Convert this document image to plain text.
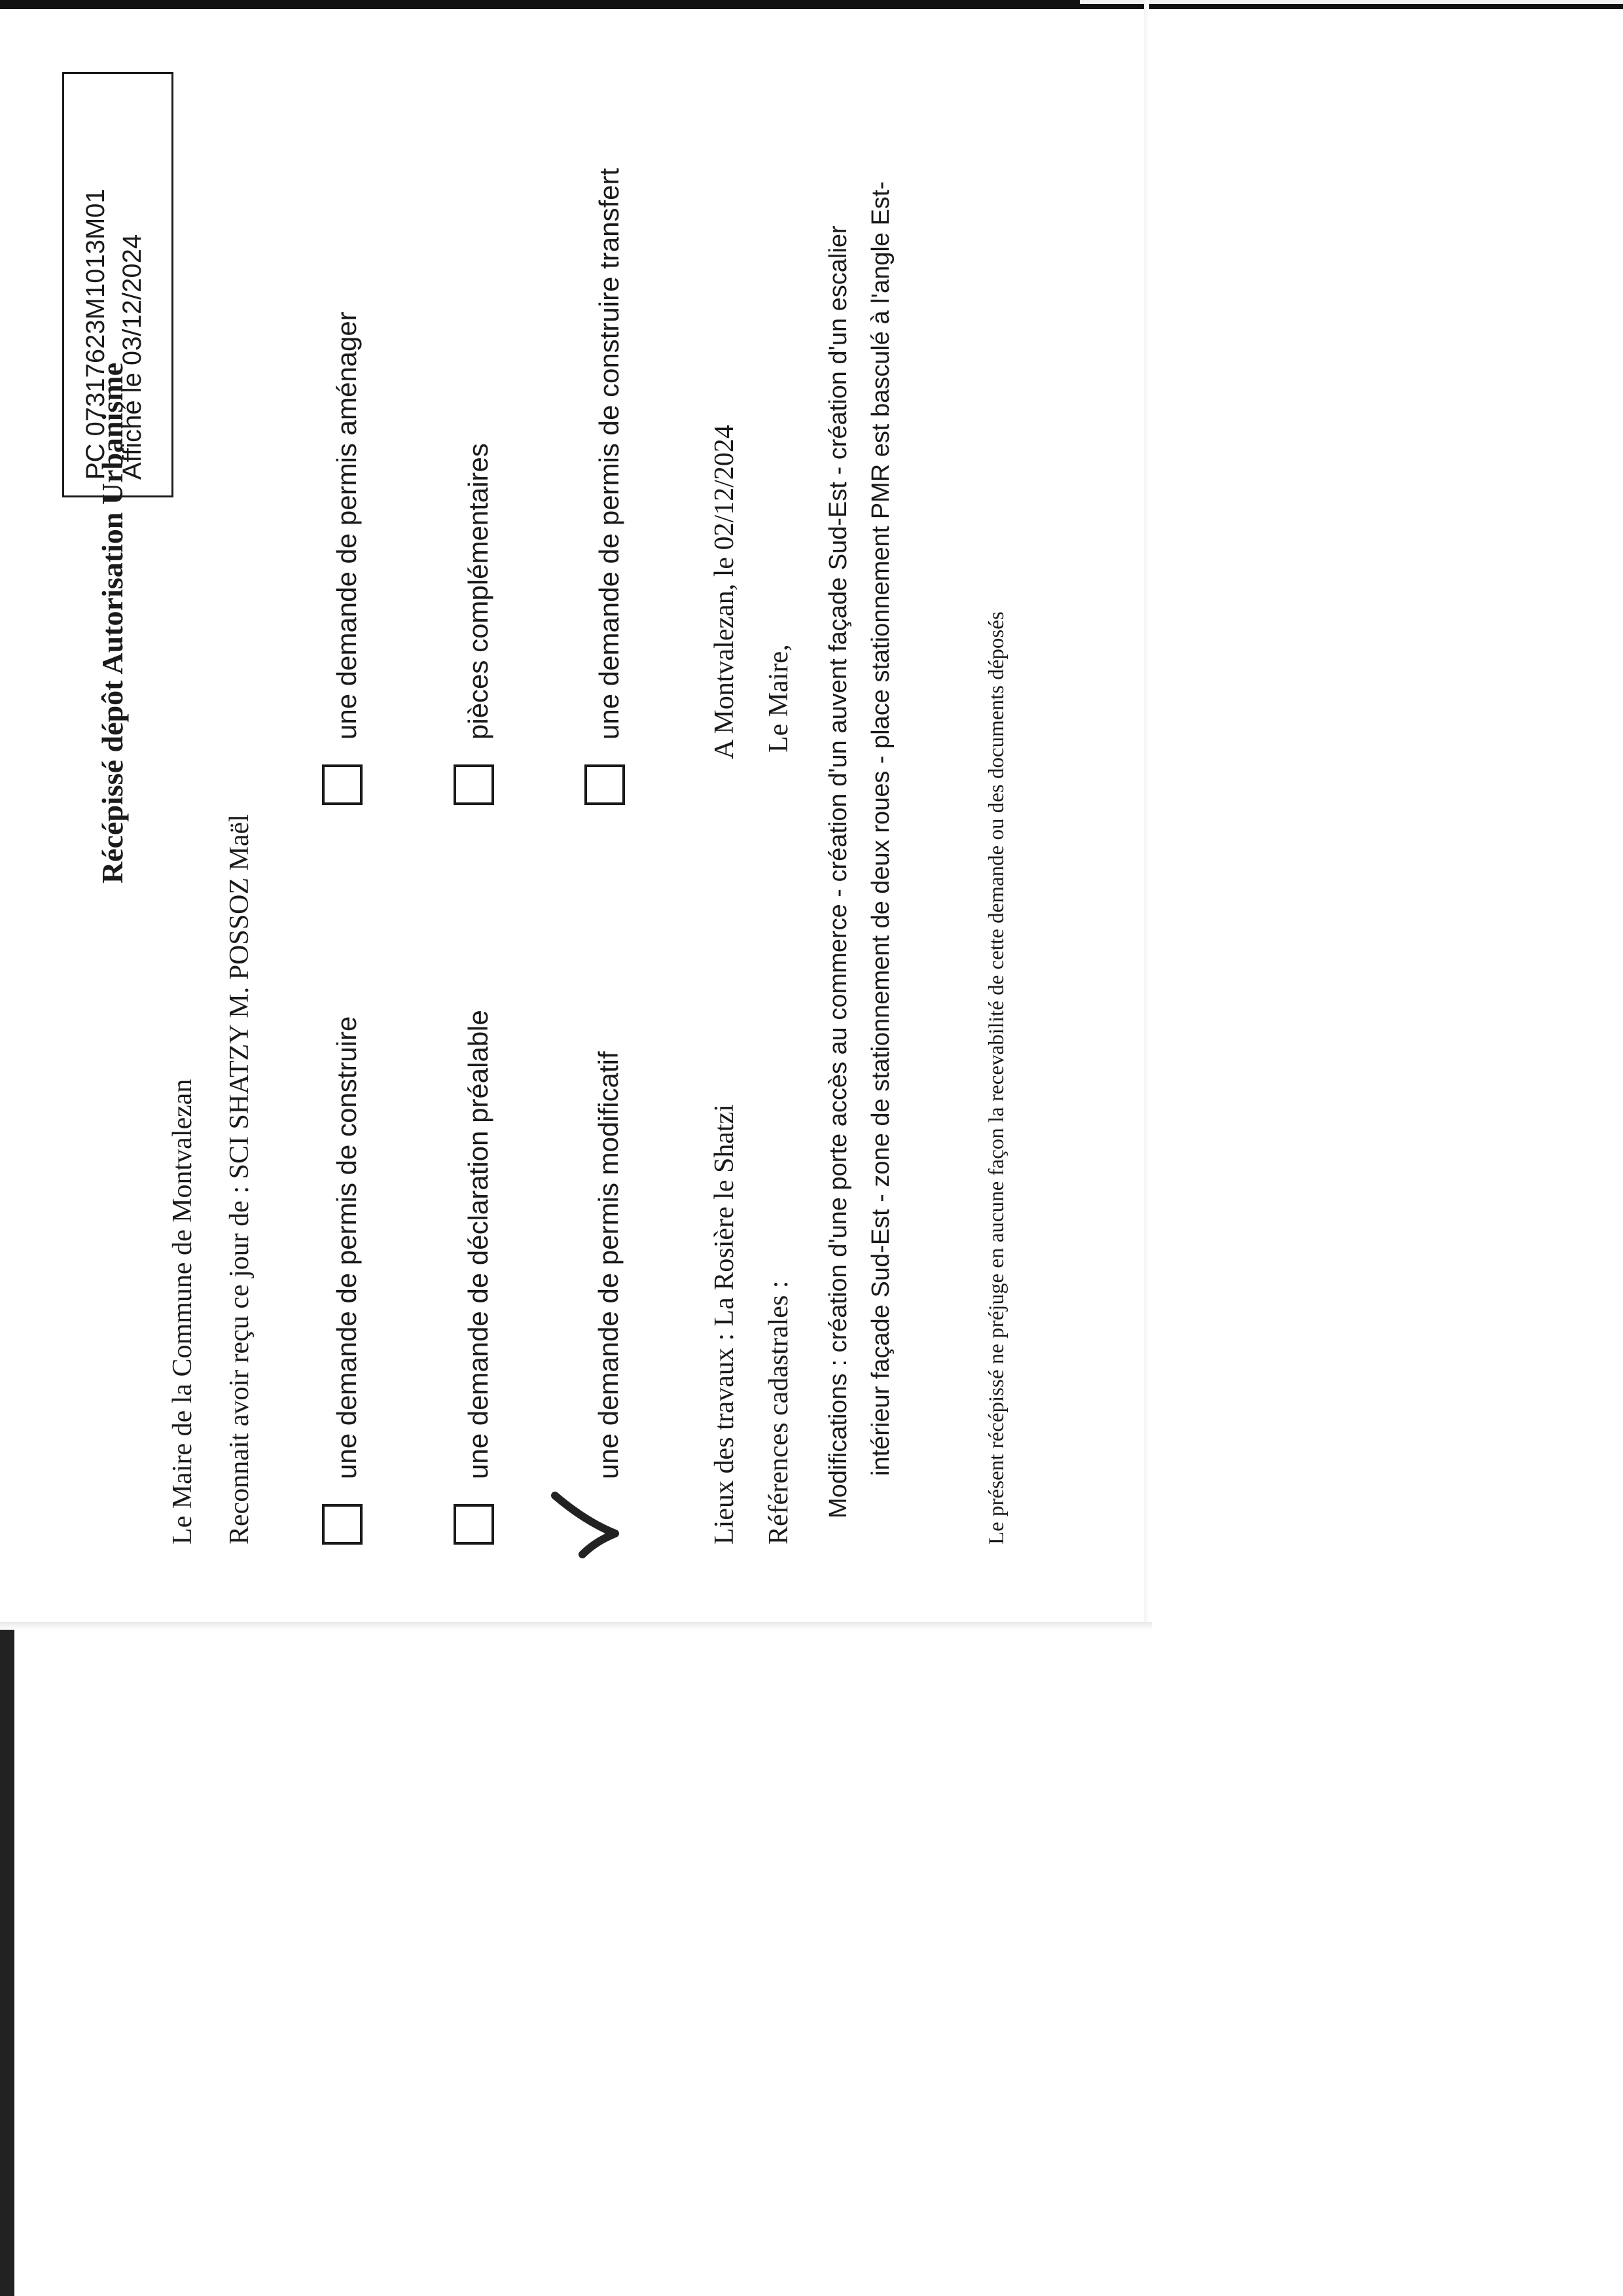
PC 07317623M1013M01 Affiché le 03/12/2024
Récépissé dépôt Autorisation Urbanisme
Le Maire de la Commune de Montvalezan Reconnait avoir reçu ce jour de : SCI SHATZY M. POSSOZ Maël	une demande de permis de construire
une demande de permis aménager
une demande de déclaration préalable
pièces complémentaires
une demande de permis modificatif
une demande de permis de construire transfert
Lieux des travaux : La Rosière le Shatzi
A Montvalezan, le 02/12/2024
Références cadastrales :
Le Maire, Modifications : création d'une porte accès au commerce - création d'un auvent façade Sud-Est - création d'un escalier intérieur façade Sud-Est - zone de stationnement de deux roues - place stationnement PMR est basculé à l'angle Est-	Le présent récépissé ne préjuge en aucune façon la recevabilité de cette demande ou des documents déposés
